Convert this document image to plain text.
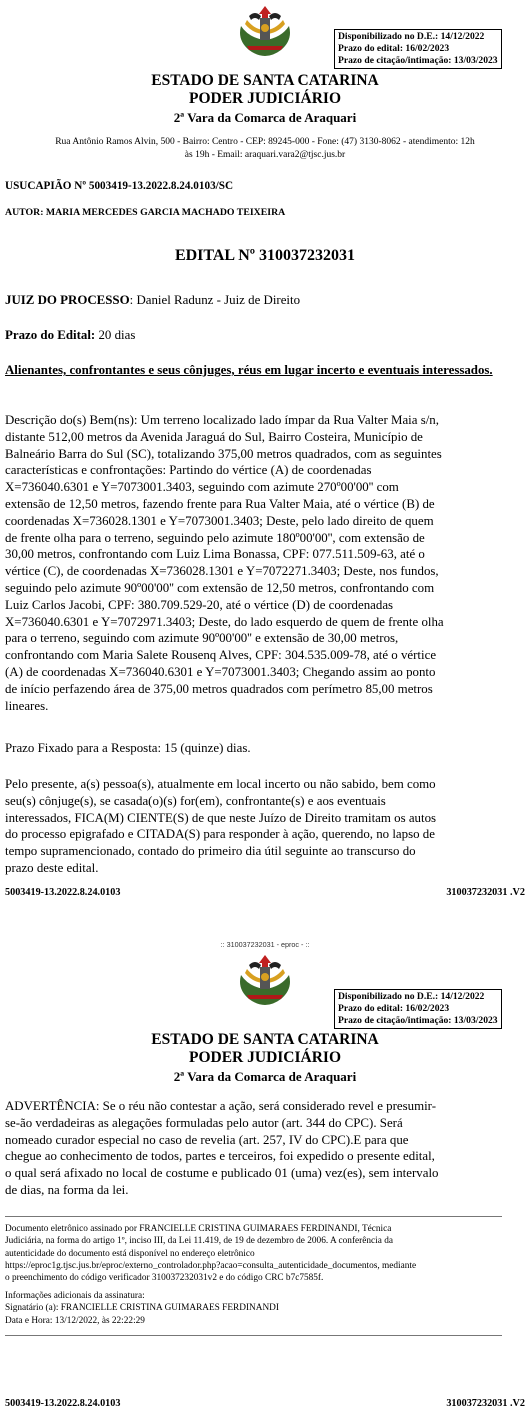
Disponibilizado no D.E.: 14/12/2022
Prazo do edital: 16/02/2023
Prazo de citação/intimação: 13/03/2023
ESTADO DE SANTA CATARINA
PODER JUDICIÁRIO
2ª Vara da Comarca de Araquari
Rua Antônio Ramos Alvin, 500 - Bairro: Centro - CEP: 89245-000 - Fone: (47) 3130-8062 - atendimento: 12h
às 19h - Email: araquari.vara2@tjsc.jus.br
USUCAPIÃO Nº 5003419-13.2022.8.24.0103/SC
AUTOR: MARIA MERCEDES GARCIA MACHADO TEIXEIRA
EDITAL Nº 310037232031
JUIZ DO PROCESSO: Daniel Radunz - Juiz de Direito
Prazo do Edital: 20 dias
Alienantes, confrontantes e seus cônjuges, réus em lugar incerto e eventuais interessados.
Descrição do(s) Bem(ns): Um terreno localizado lado ímpar da Rua Valter Maia s/n,
distante 512,00 metros da Avenida Jaraguá do Sul, Bairro Costeira, Município de
Balneário Barra do Sul (SC), totalizando 375,00 metros quadrados, com as seguintes
características e confrontações: Partindo do vértice (A) de coordenadas
X=736040.6301 e Y=7073001.3403, seguindo com azimute 270º00'00'' com
extensão de 12,50 metros, fazendo frente para Rua Valter Maia, até o vértice (B) de
coordenadas X=736028.1301 e Y=7073001.3403; Deste, pelo lado direito de quem
de frente olha para o terreno, seguindo pelo azimute 180º00'00'', com extensão de
30,00 metros, confrontando com Luiz Lima Bonassa, CPF: 077.511.509-63, até o
vértice (C), de coordenadas X=736028.1301 e Y=7072271.3403; Deste, nos fundos,
seguindo pelo azimute 90º00'00'' com extensão de 12,50 metros, confrontando com
Luiz Carlos Jacobi, CPF: 380.709.529-20, até o vértice (D) de coordenadas
X=736040.6301 e Y=7072971.3403; Deste, do lado esquerdo de quem de frente olha
para o terreno, seguindo com azimute 90º00'00'' e extensão de 30,00 metros,
confrontando com Maria Salete Rousenq Alves, CPF: 304.535.009-78, até o vértice
(A) de coordenadas X=736040.6301 e Y=7073001.3403; Chegando assim ao ponto
de início perfazendo área de 375,00 metros quadrados com perímetro 85,00 metros
lineares.
Prazo Fixado para a Resposta: 15 (quinze) dias.
Pelo presente, a(s) pessoa(s), atualmente em local incerto ou não sabido, bem como
seu(s) cônjuge(s), se casada(o)(s) for(em), confrontante(s) e aos eventuais
interessados, FICA(M) CIENTE(S) de que neste Juízo de Direito tramitam os autos
do processo epigrafado e CITADA(S) para responder à ação, querendo, no lapso de
tempo supramencionado, contado do primeiro dia útil seguinte ao transcurso do
prazo deste edital.
5003419-13.2022.8.24.0103	310037232031 .V2
:: 310037232031 - eproc - ::
Disponibilizado no D.E.: 14/12/2022
Prazo do edital: 16/02/2023
Prazo de citação/intimação: 13/03/2023
ESTADO DE SANTA CATARINA
PODER JUDICIÁRIO
2ª Vara da Comarca de Araquari
ADVERTÊNCIA: Se o réu não contestar a ação, será considerado revel e presumir-
se-ão verdadeiras as alegações formuladas pelo autor (art. 344 do CPC). Será
nomeado curador especial no caso de revelia (art. 257, IV do CPC).E para que
chegue ao conhecimento de todos, partes e terceiros, foi expedido o presente edital,
o qual será afixado no local de costume e publicado 01 (uma) vez(es), sem intervalo
de dias, na forma da lei.
Documento eletrônico assinado por FRANCIELLE CRISTINA GUIMARAES FERDINANDI, Técnica
Judiciária, na forma do artigo 1º, inciso III, da Lei 11.419, de 19 de dezembro de 2006. A conferência da
autenticidade do documento está disponível no endereço eletrônico
https://eproc1g.tjsc.jus.br/eproc/externo_controlador.php?acao=consulta_autenticidade_documentos, mediante
o preenchimento do código verificador 310037232031v2 e do código CRC b7c7585f.
Informações adicionais da assinatura:
Signatário (a): FRANCIELLE CRISTINA GUIMARAES FERDINANDI
Data e Hora: 13/12/2022, às 22:22:29
5003419-13.2022.8.24.0103	310037232031 .V2
